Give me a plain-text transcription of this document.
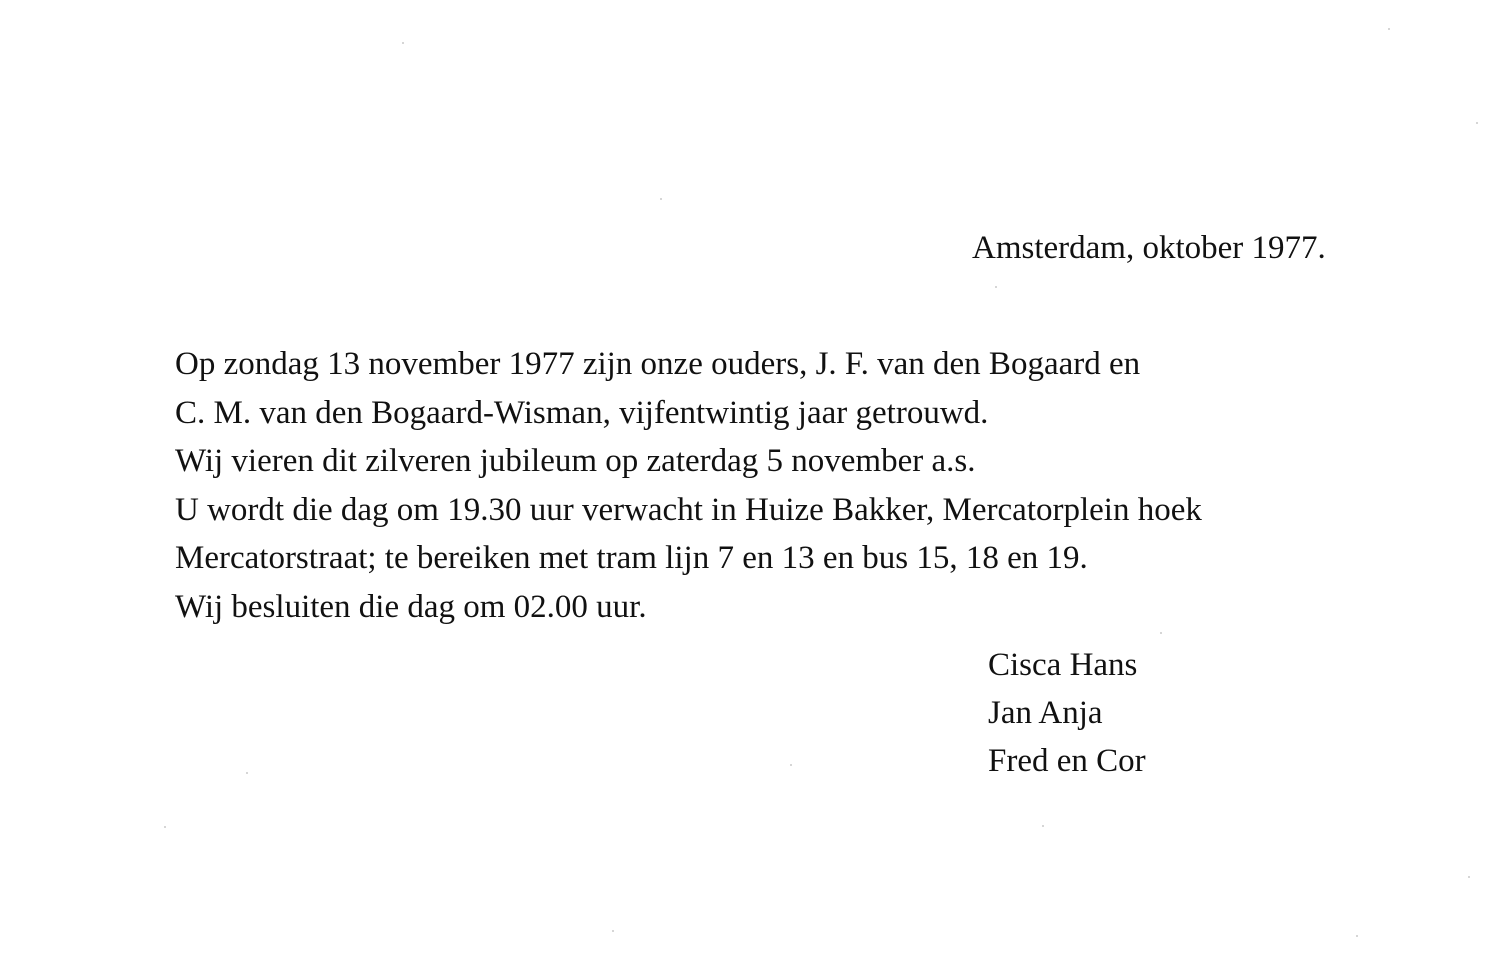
Amsterdam, oktober 1977.
Op zondag 13 november 1977 zijn onze ouders, J. F. van den Bogaard en
C. M. van den Bogaard-Wisman, vijfentwintig jaar getrouwd.
Wij vieren dit zilveren jubileum op zaterdag 5 november a.s.
U wordt die dag om 19.30 uur verwacht in Huize Bakker, Mercatorplein hoek
Mercatorstraat; te bereiken met tram lijn 7 en 13 en bus 15, 18 en 19.
Wij besluiten die dag om 02.00 uur.
Cisca Hans
Jan Anja
Fred en Cor
